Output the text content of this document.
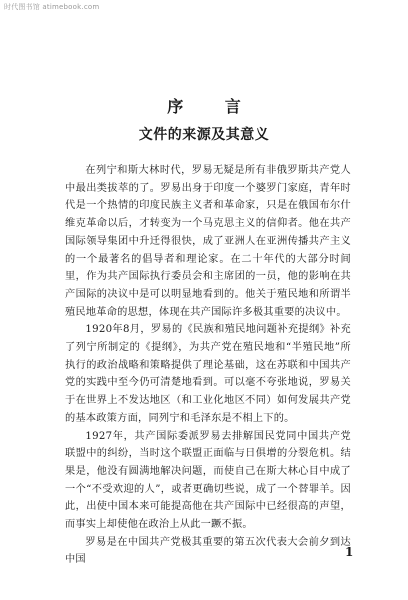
时代图书馆 atimebook.com
序 言
文件的来源及其意义

在列宁和斯大林时代，罗易无疑是所有非俄罗斯共产党人中最出类拔萃的了。罗易出身于印度一个婆罗门家庭，青年时代是一个热情的印度民族主义者和革命家，只是在俄国布尔什维克革命以后，才转变为一个马克思主义的信仰者。他在共产国际领导集团中升迁得很快，成了亚洲人在亚洲传播共产主义的一个最著名的倡导者和理论家。在二十年代的大部分时间里，作为共产国际执行委员会和主席团的一员，他的影响在共产国际的决议中是可以明显地看到的。他关于殖民地和所谓半殖民地革命的思想，体现在共产国际许多极其重要的决议中。

1920年8月，罗易的《民族和殖民地问题补充提纲》补充了列宁所制定的《提纲》，为共产党在殖民地和“半殖民地”所执行的政治战略和策略提供了理论基础，这在苏联和中国共产党的实践中至今仍可清楚地看到。可以毫不夸张地说，罗易关于在世界上不发达地区（和工业化地区不同）如何发展共产党的基本政策方面，同列宁和毛泽东是不相上下的。

1927年，共产国际委派罗易去排解国民党同中国共产党联盟中的纠纷，当时这个联盟正面临与日俱增的分裂危机。结果是，他没有圆满地解决问题，而使自己在斯大林心目中成了一个“不受欢迎的人”，或者更确切些说，成了一个替罪羊。因此，出使中国本来可能提高他在共产国际中已经很高的声望，而事实上却使他在政治上从此一蹶不振。

罗易是在中国共产党极其重要的第五次代表大会前夕到达中国

1
